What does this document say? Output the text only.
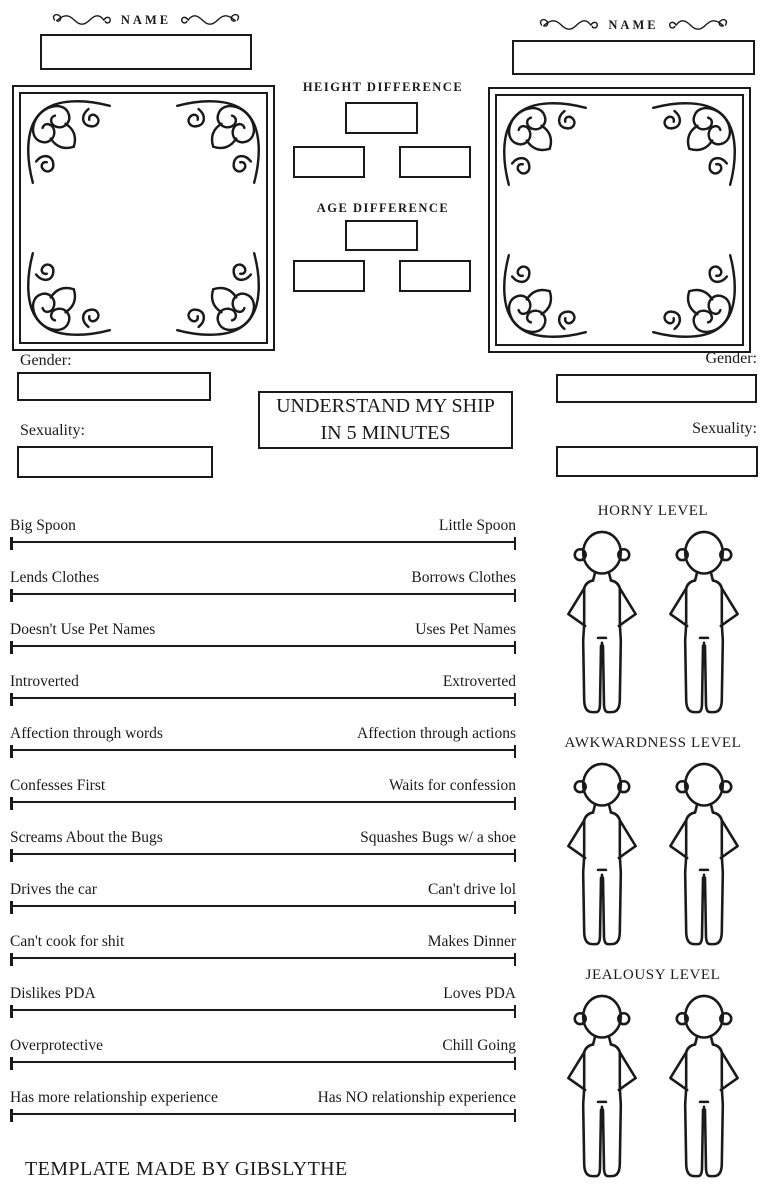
NAME	NAME
HEIGHT DIFFERENCE
AGE DIFFERENCE
Gender:
Sexuality:
Gender:
Sexuality:
UNDERSTAND MY SHIP
IN 5 MINUTES
Big Spoon	Little Spoon
Lends Clothes	Borrows Clothes
Doesn't Use Pet Names	Uses Pet Names
Introverted	Extroverted
Affection through words	Affection through actions
Confesses First	Waits for confession
Screams About the Bugs	Squashes Bugs w/ a shoe
Drives the car	Can't drive lol
Can't cook for shit	Makes Dinner
Dislikes PDA	Loves PDA
Overprotective	Chill Going
Has more relationship experience	Has NO relationship experience
HORNY LEVEL
AWKWARDNESS LEVEL
JEALOUSY LEVEL
TEMPLATE MADE BY GIBSLYTHE
